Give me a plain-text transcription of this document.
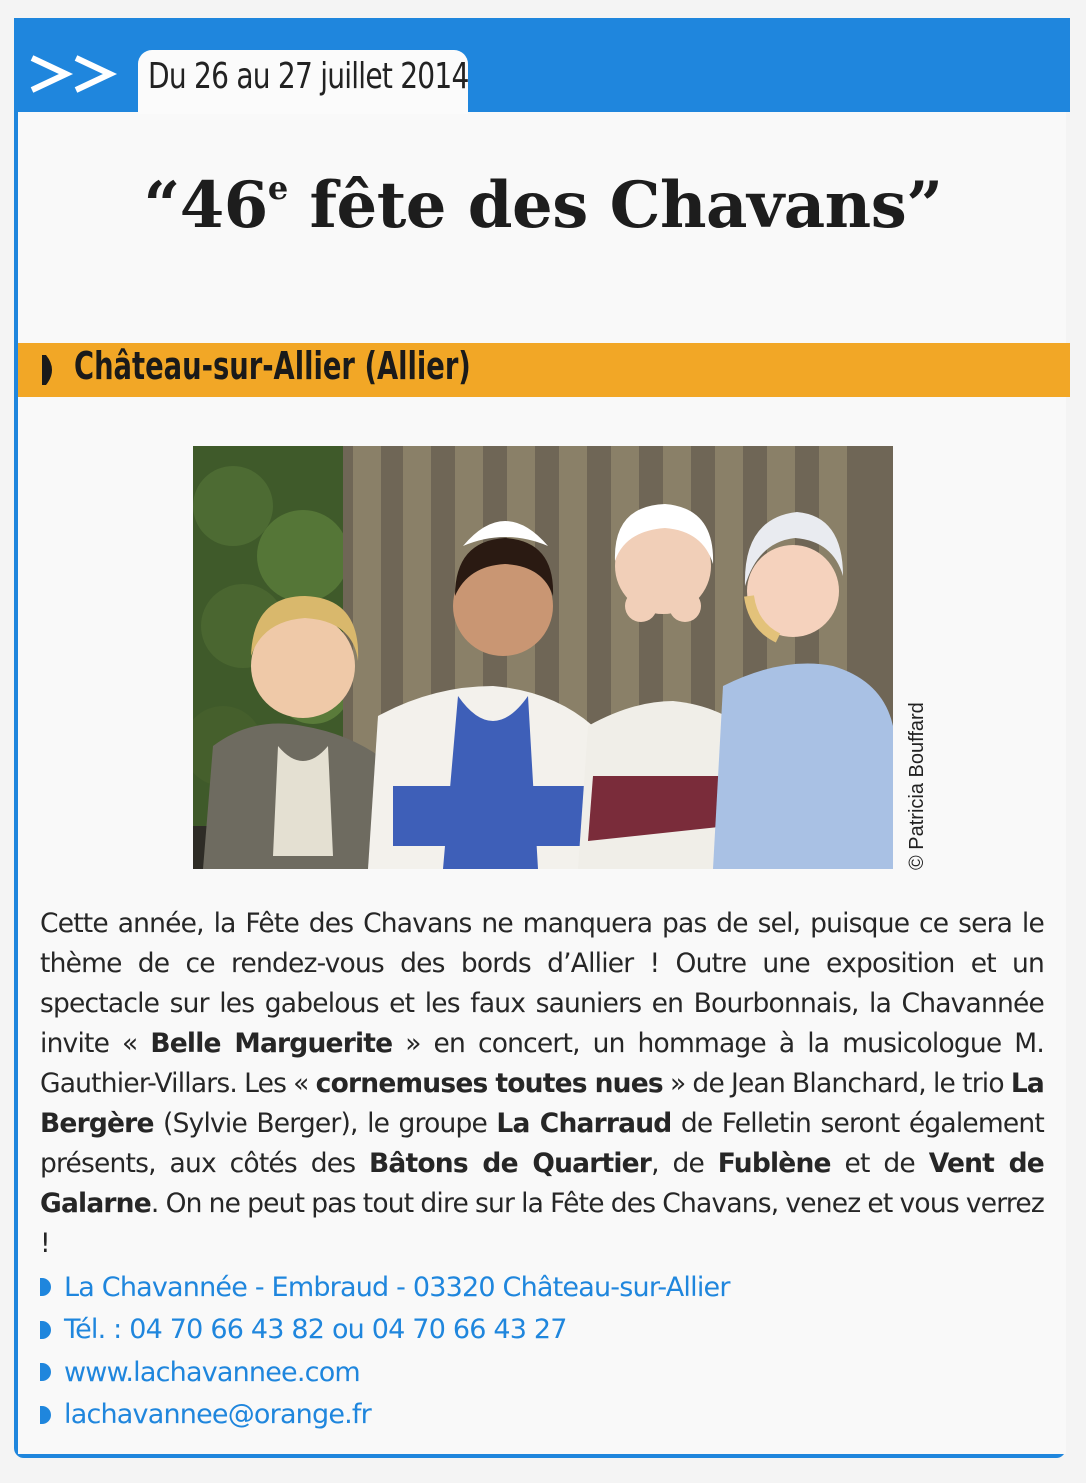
Du 26 au 27 juillet 2014
“46e fête des Chavans”
Château-sur-Allier (Allier)
© Patricia Bouffard
Cette année, la Fête des Chavans ne manquera pas de sel, puisque ce sera le thème de ce rendez-vous des bords d’Allier ! Outre une exposition et un spectacle sur les gabelous et les faux sauniers en Bourbonnais, la Chavannée invite « Belle Marguerite » en concert, un hommage à la musicologue M. Gauthier-Villars. Les « cornemuses toutes nues » de Jean Blanchard, le trio La Bergère (Sylvie Berger), le groupe La Charraud de Felletin seront également présents, aux côtés des Bâtons de Quartier, de Fublène et de Vent de Galarne. On ne peut pas tout dire sur la Fête des Chavans, venez et vous verrez !
La Chavannée - Embraud - 03320 Château-sur-Allier
Tél. : 04 70 66 43 82 ou 04 70 66 43 27
www.lachavannee.com
lachavannee@orange.fr
